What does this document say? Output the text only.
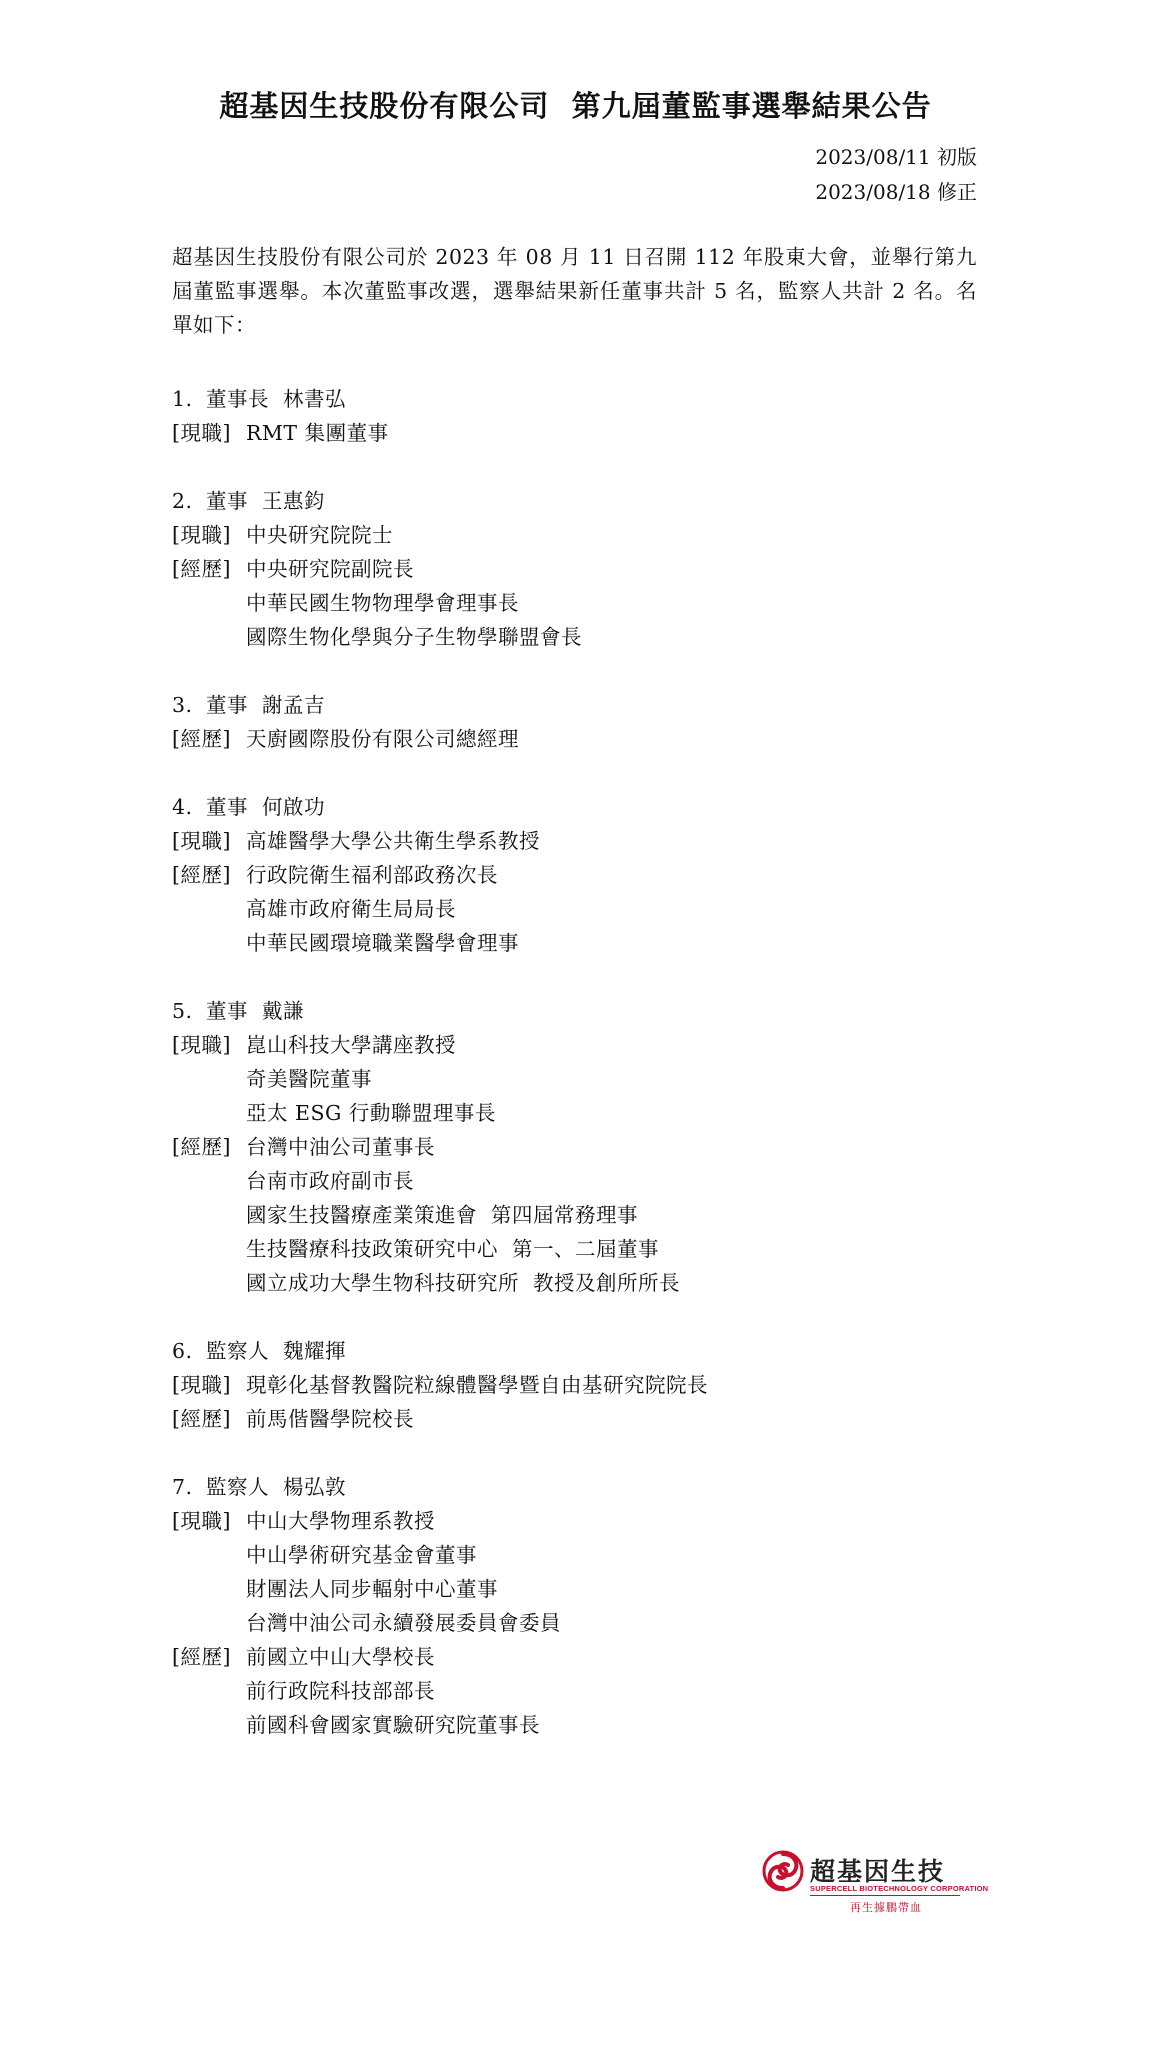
超基因生技股份有限公司  第九屆董監事選舉結果公告
2023/08/11 初版
2023/08/18 修正
超基因生技股份有限公司於 2023 年 08 月 11 日召開 112 年股東大會，並舉行第九屆董監事選舉。本次董監事改選，選舉結果新任董事共計 5 名，監察人共計 2 名。名單如下：
1. 董事長  林書弘
[現職] RMT 集團董事
2. 董事  王惠鈞
[現職] 中央研究院院士
[經歷] 中央研究院副院長
中華民國生物物理學會理事長
國際生物化學與分子生物學聯盟會長
3. 董事  謝孟吉
[經歷] 天廚國際股份有限公司總經理
4. 董事  何啟功
[現職] 高雄醫學大學公共衛生學系教授
[經歷] 行政院衛生福利部政務次長
高雄市政府衛生局局長
中華民國環境職業醫學會理事
5. 董事  戴謙
[現職] 崑山科技大學講座教授
奇美醫院董事
亞太 ESG 行動聯盟理事長
[經歷] 台灣中油公司董事長
台南市政府副市長
國家生技醫療產業策進會  第四屆常務理事
生技醫療科技政策研究中心  第一、二屆董事
國立成功大學生物科技研究所  教授及創所所長
6. 監察人  魏耀揮
[現職] 現彰化基督教醫院粒線體醫學暨自由基研究院院長
[經歷] 前馬偕醫學院校長
7. 監察人  楊弘敦
[現職] 中山大學物理系教授
中山學術研究基金會董事
財團法人同步輻射中心董事
台灣中油公司永續發展委員會委員
[經歷] 前國立中山大學校長
前行政院科技部部長
前國科會國家實驗研究院董事長
超基因生技
SUPERCELL BIOTECHNOLOGY CORPORATION
再生據鵬帶血
